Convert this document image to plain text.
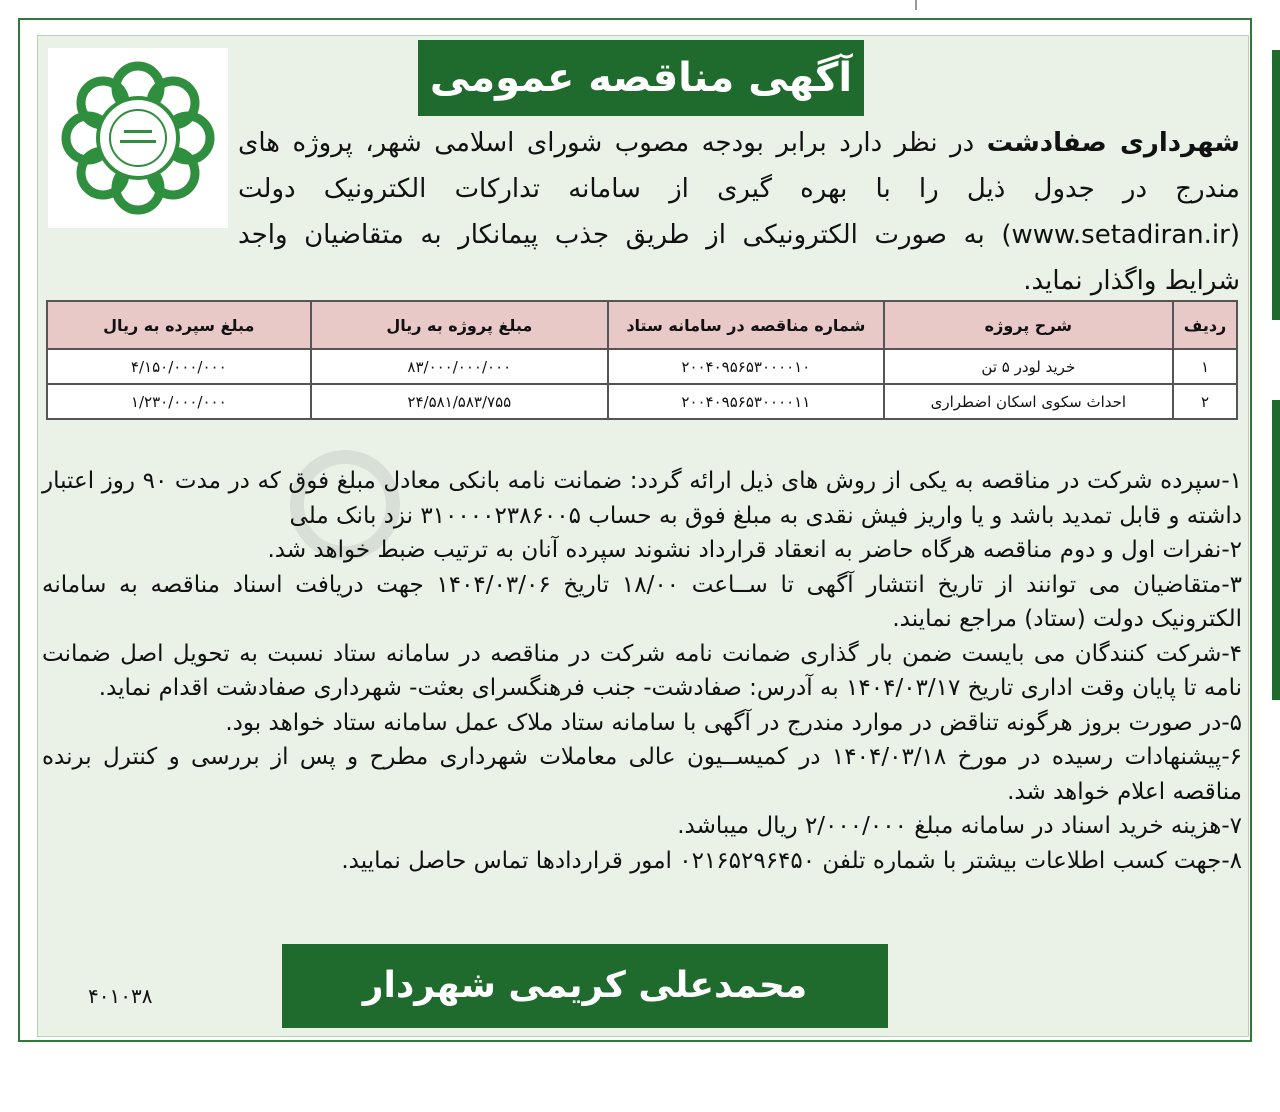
آگهی مناقصه عمومی
شهرداری صفادشت در نظر دارد برابر بودجه مصوب شورای اسلامی شهر، پروژه های مندرج در جدول ذیل را با بهره گیری از سامانه تدارکات الکترونیک دولت (www.setadiran.ir) به صورت الکترونیکی از طریق جذب پیمانکار به متقاضیان واجد شرایط واگذار نماید.
ردیف	شرح پروژه	شماره مناقصه در سامانه ستاد	مبلغ پروژه به ریال	مبلغ سپرده به ریال
۱	خرید لودر ۵ تن	۲۰۰۴۰۹۵۶۵۳۰۰۰۰۱۰	۸۳/۰۰۰/۰۰۰/۰۰۰	۴/۱۵۰/۰۰۰/۰۰۰
۲	احداث سکوی اسکان اضطراری	۲۰۰۴۰۹۵۶۵۳۰۰۰۰۱۱	۲۴/۵۸۱/۵۸۳/۷۵۵	۱/۲۳۰/۰۰۰/۰۰۰

۱-سپرده شرکت در مناقصه به یکی از روش های ذیل ارائه گردد: ضمانت نامه بانکی معادل مبلغ فوق که در مدت ۹۰ روز اعتبار داشته و قابل تمدید باشد و یا واریز فیش نقدی به مبلغ فوق به حساب ۳۱۰۰۰۰۲۳۸۶۰۰۵ نزد بانک ملی

۲-نفرات اول و دوم مناقصه هرگاه حاضر به انعقاد قرارداد نشوند سپرده آنان به ترتیب ضبط خواهد شد.

۳-متقاضیان می توانند از تاریخ انتشار آگهی تا ســاعت ۱۸/۰۰ تاریخ ۱۴۰۴/۰۳/۰۶ جهت دریافت اسناد مناقصه به سامانه الکترونیک دولت (ستاد) مراجع نمایند.

۴-شرکت کنندگان می بایست ضمن بار گذاری ضمانت نامه شرکت در مناقصه در سامانه ستاد نسبت به تحویل اصل ضمانت نامه تا پایان وقت اداری تاریخ ۱۴۰۴/۰۳/۱۷ به آدرس: صفادشت- جنب فرهنگسرای بعثت- شهرداری صفادشت اقدام نماید.

۵-در صورت بروز هرگونه تناقض در موارد مندرج در آگهی با سامانه ستاد ملاک عمل سامانه ستاد خواهد بود.

۶-پیشنهادات رسیده در مورخ ۱۴۰۴/۰۳/۱۸ در کمیســیون عالی معاملات شهرداری مطرح و پس از بررسی و کنترل برنده مناقصه اعلام خواهد شد.

۷-هزینه خرید اسناد در سامانه مبلغ ۲/۰۰۰/۰۰۰ ریال میباشد.

۸-جهت کسب اطلاعات بیشتر با شماره تلفن ۰۲۱۶۵۲۹۶۴۵۰ امور قراردادها تماس حاصل نمایید.

محمدعلی کریمی شهردار صفادشت
۴۰۱۰۳۸
